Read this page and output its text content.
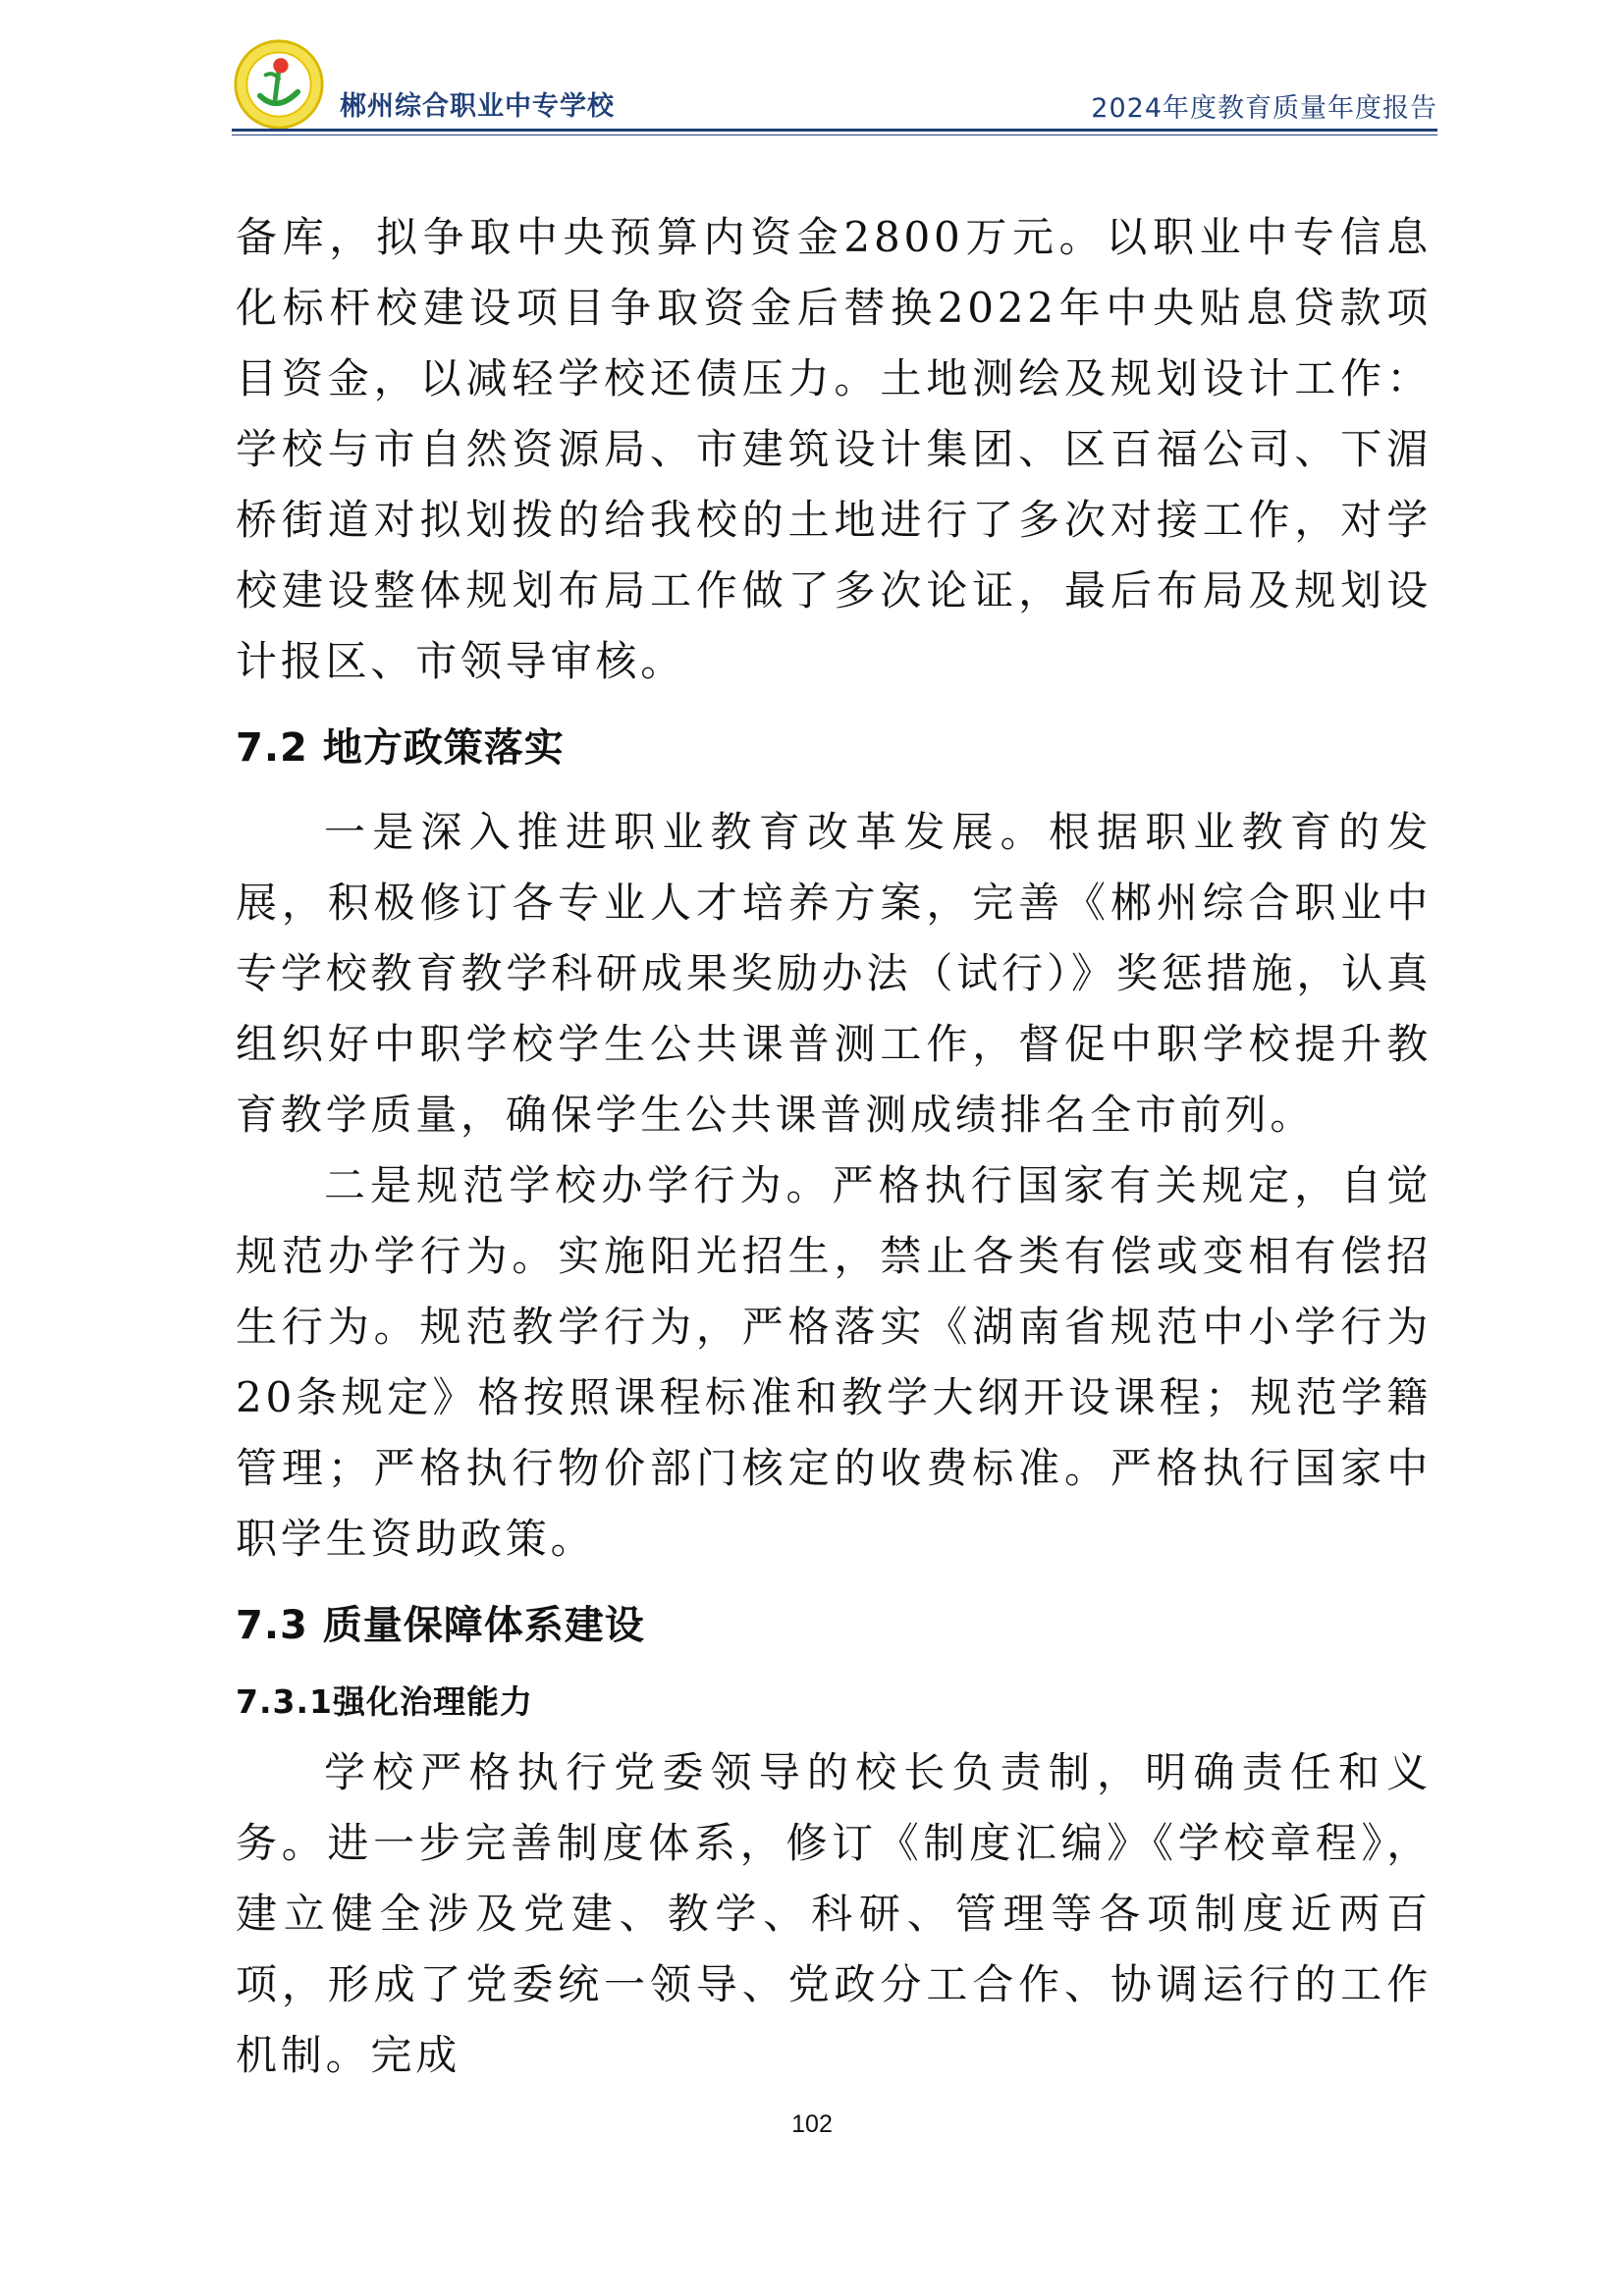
郴州综合职业中专学校	2024年度教育质量年度报告

备库，拟争取中央预算内资金2800万元。以职业中专信息化标杆校建设项目争取资金后替换2022年中央贴息贷款项目资金，以减轻学校还债压力。土地测绘及规划设计工作：学校与市自然资源局、市建筑设计集团、区百福公司、下湄桥街道对拟划拨的给我校的土地进行了多次对接工作，对学校建设整体规划布局工作做了多次论证，最后布局及规划设计报区、市领导审核。

7.2 地方政策落实

一是深入推进职业教育改革发展。根据职业教育的发展，积极修订各专业人才培养方案，完善《郴州综合职业中专学校教育教学科研成果奖励办法（试行）》奖惩措施，认真组织好中职学校学生公共课普测工作，督促中职学校提升教育教学质量，确保学生公共课普测成绩排名全市前列。

二是规范学校办学行为。严格执行国家有关规定，自觉规范办学行为。实施阳光招生，禁止各类有偿或变相有偿招生行为。规范教学行为，严格落实《湖南省规范中小学行为20条规定》格按照课程标准和教学大纲开设课程；规范学籍管理；严格执行物价部门核定的收费标准。严格执行国家中职学生资助政策。

7.3 质量保障体系建设
7.3.1强化治理能力

学校严格执行党委领导的校长负责制，明确责任和义务。进一步完善制度体系，修订《制度汇编》《学校章程》，建立健全涉及党建、教学、科研、管理等各项制度近两百项，形成了党委统一领导、党政分工合作、协调运行的工作机制。完成

102
